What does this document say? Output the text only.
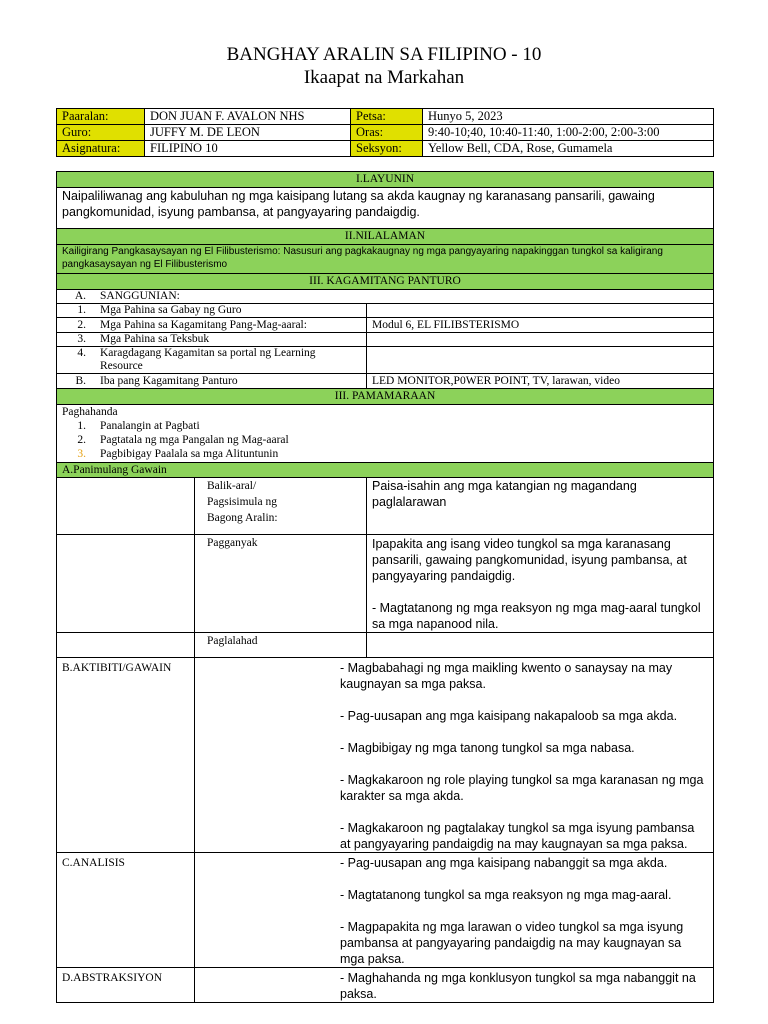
BANGHAY ARALIN SA FILIPINO - 10
Ikaapat na Markahan
Paaralan:	DON JUAN F. AVALON NHS	Petsa:	Hunyo 5, 2023
Guro:	JUFFY M. DE LEON	Oras:	9:40-10;40, 10:40-11:40, 1:00-2:00, 2:00-3:00
Asignatura:	FILIPINO 10	Seksyon:	Yellow Bell, CDA, Rose, Gumamela
I.LAYUNIN		
Naipaliliwanag ang kabuluhan ng mga kaisipang lutang sa akda kaugnay ng karanasang pansarili, gawaing pangkomunidad, isyung pambansa, at pangyayaring pandaigdig.		
II.NILALAMAN		
Kailigirang Pangkasaysayan ng El Filibusterismo: Nasusuri ang pagkakaugnay ng mga pangyayaring napakinggan tungkol sa kaligirang pangkasaysayan ng El Filibusterismo		
III. KAGAMITANG PANTURO		
A. SANGGUNIAN:		
1. Mga Pahina sa Gabay ng Guro		
2. Mga Pahina sa Kagamitang Pang-Mag-aaral:		Modul 6, EL FILIBSTERISMO
3. Mga Pahina sa Teksbuk		

4. Karagdagang Kagamitan sa portal ng Learning Resource		

B. Iba pang Kagamitang Panturo		LED MONITOR,P0WER POINT, TV, larawan, video
III. PAMAMARAAN		

Paghahanda
1. Panalangin at Pagbati
2. Pagtatala ng mga Pangalan ng Mag-aaral
3. Pagbibigay Paalala sa mga Alituntunin		

A.Panimulang Gawain		

	Balik-aral/ Pagsisimula ng Bagong Aralin:	Paisa-isahin ang mga katangian ng magandang paglalarawan
	Pagganyak	Ipapakita ang isang video tungkol sa mga karanasang pansarili, gawaing pangkomunidad, isyung pambansa, at pangyayaring pandaigdig.

- Magtatanong ng mga reaksyon ng mga mag-aaral tungkol sa mga napanood nila.

	Paglalahad	
B.AKTIBITI/GAWAIN	- Magbabahagi ng mga maikling kwento o sanaysay na may kaugnayan sa mga paksa.

- Pag-uusapan ang mga kaisipang nakapaloob sa mga akda.

- Magbibigay ng mga tanong tungkol sa mga nabasa.

- Magkakaroon ng role playing tungkol sa mga karanasan ng mga karakter sa mga akda.

- Magkakaroon ng pagtalakay tungkol sa mga isyung pambansa at pangyayaring pandaigdig na may kaugnayan sa mga paksa.	

C.ANALISIS	- Pag-uusapan ang mga kaisipang nabanggit sa mga akda.

- Magtatanong tungkol sa mga reaksyon ng mga mag-aaral.

- Magpapakita ng mga larawan o video tungkol sa mga isyung pambansa at pangyayaring pandaigdig na may kaugnayan sa mga paksa.	

D.ABSTRAKSIYON	- Maghahanda ng mga konklusyon tungkol sa mga nabanggit na paksa.	
